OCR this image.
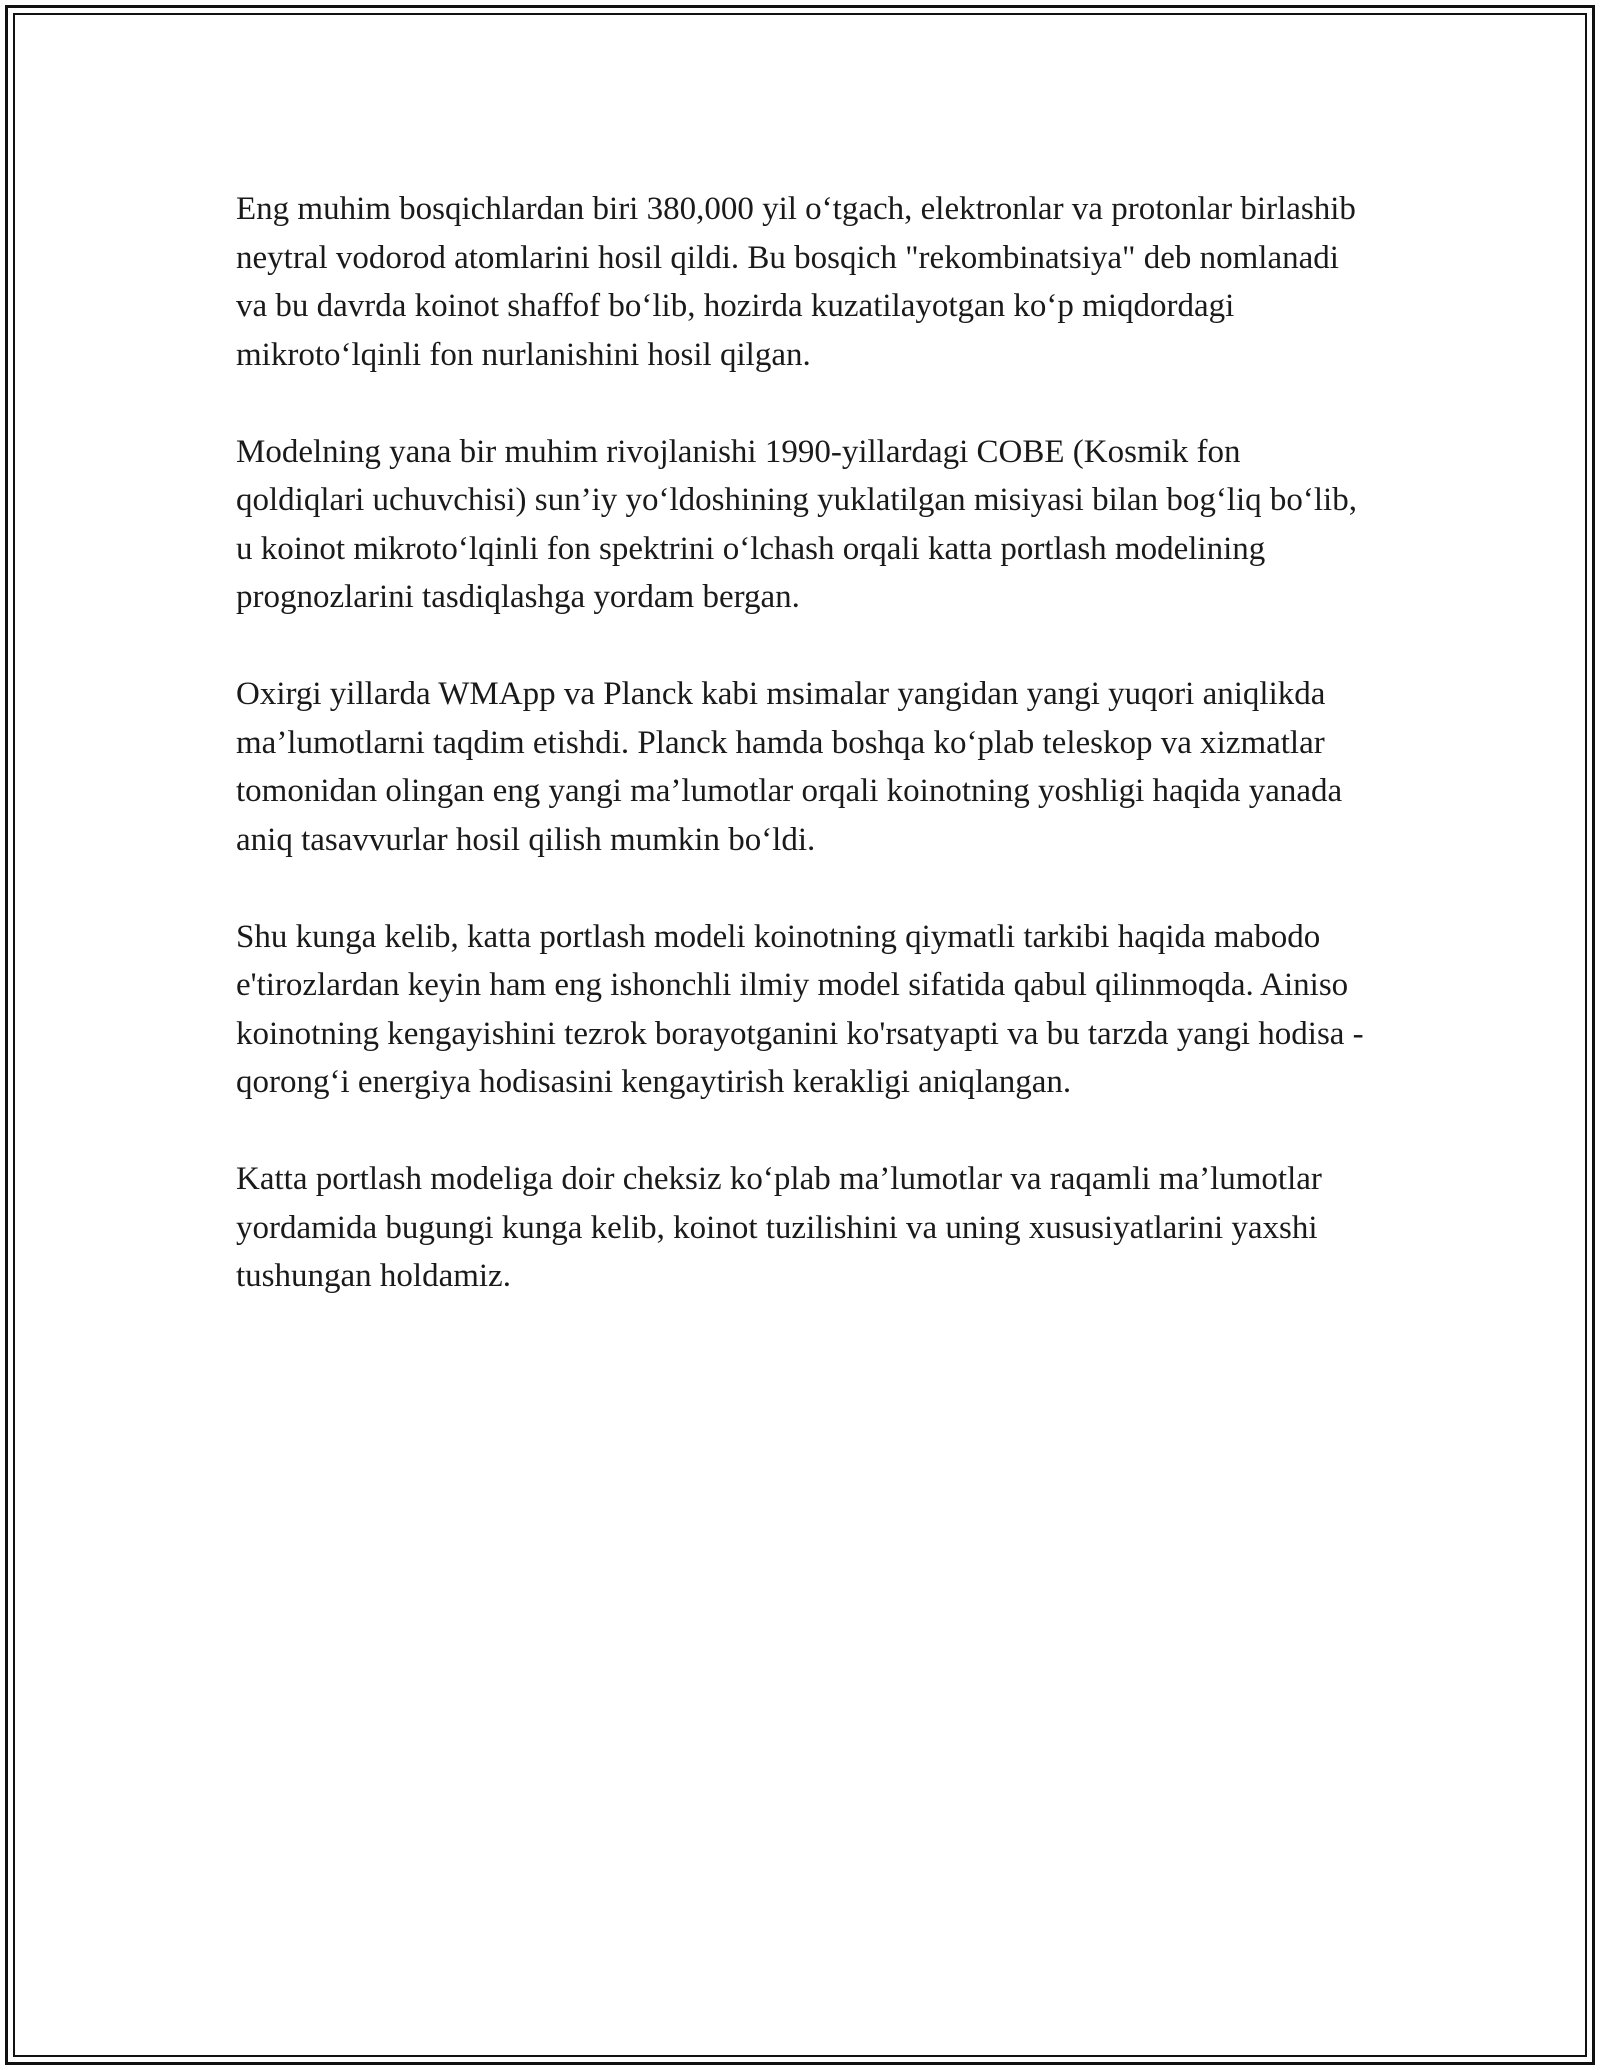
Eng muhim bosqichlardan biri 380,000 yil o‘tgach, elektronlar va protonlar birlashib neytral vodorod atomlarini hosil qildi. Bu bosqich "rekombinatsiya" deb nomlanadi va bu davrda koinot shaffof bo‘lib, hozirda kuzatilayotgan ko‘p miqdordagi mikroto‘lqinli fon nurlanishini hosil qilgan.

Modelning yana bir muhim rivojlanishi 1990-yillardagi COBE (Kosmik fon qoldiqlari uchuvchisi) sun’iy yo‘ldoshining yuklatilgan misiyasi bilan bog‘liq bo‘lib, u koinot mikroto‘lqinli fon spektrini o‘lchash orqali katta portlash modelining prognozlarini tasdiqlashga yordam bergan.

Oxirgi yillarda WMApp va Planck kabi msimalar yangidan yangi yuqori aniqlikda ma’lumotlarni taqdim etishdi. Planck hamda boshqa ko‘plab teleskop va xizmatlar tomonidan olingan eng yangi ma’lumotlar orqali koinotning yoshligi haqida yanada aniq tasavvurlar hosil qilish mumkin bo‘ldi.

Shu kunga kelib, katta portlash modeli koinotning qiymatli tarkibi haqida mabodo e'tirozlardan keyin ham eng ishonchli ilmiy model sifatida qabul qilinmoqda. Ainiso koinotning kengayishini tezrok borayotganini ko'rsatyapti va bu tarzda yangi hodisa - qorong‘i energiya hodisasini kengaytirish kerakligi aniqlangan.

Katta portlash modeliga doir cheksiz ko‘plab ma’lumotlar va raqamli ma’lumotlar yordamida bugungi kunga kelib, koinot tuzilishini va uning xususiyatlarini yaxshi tushungan holdamiz.
